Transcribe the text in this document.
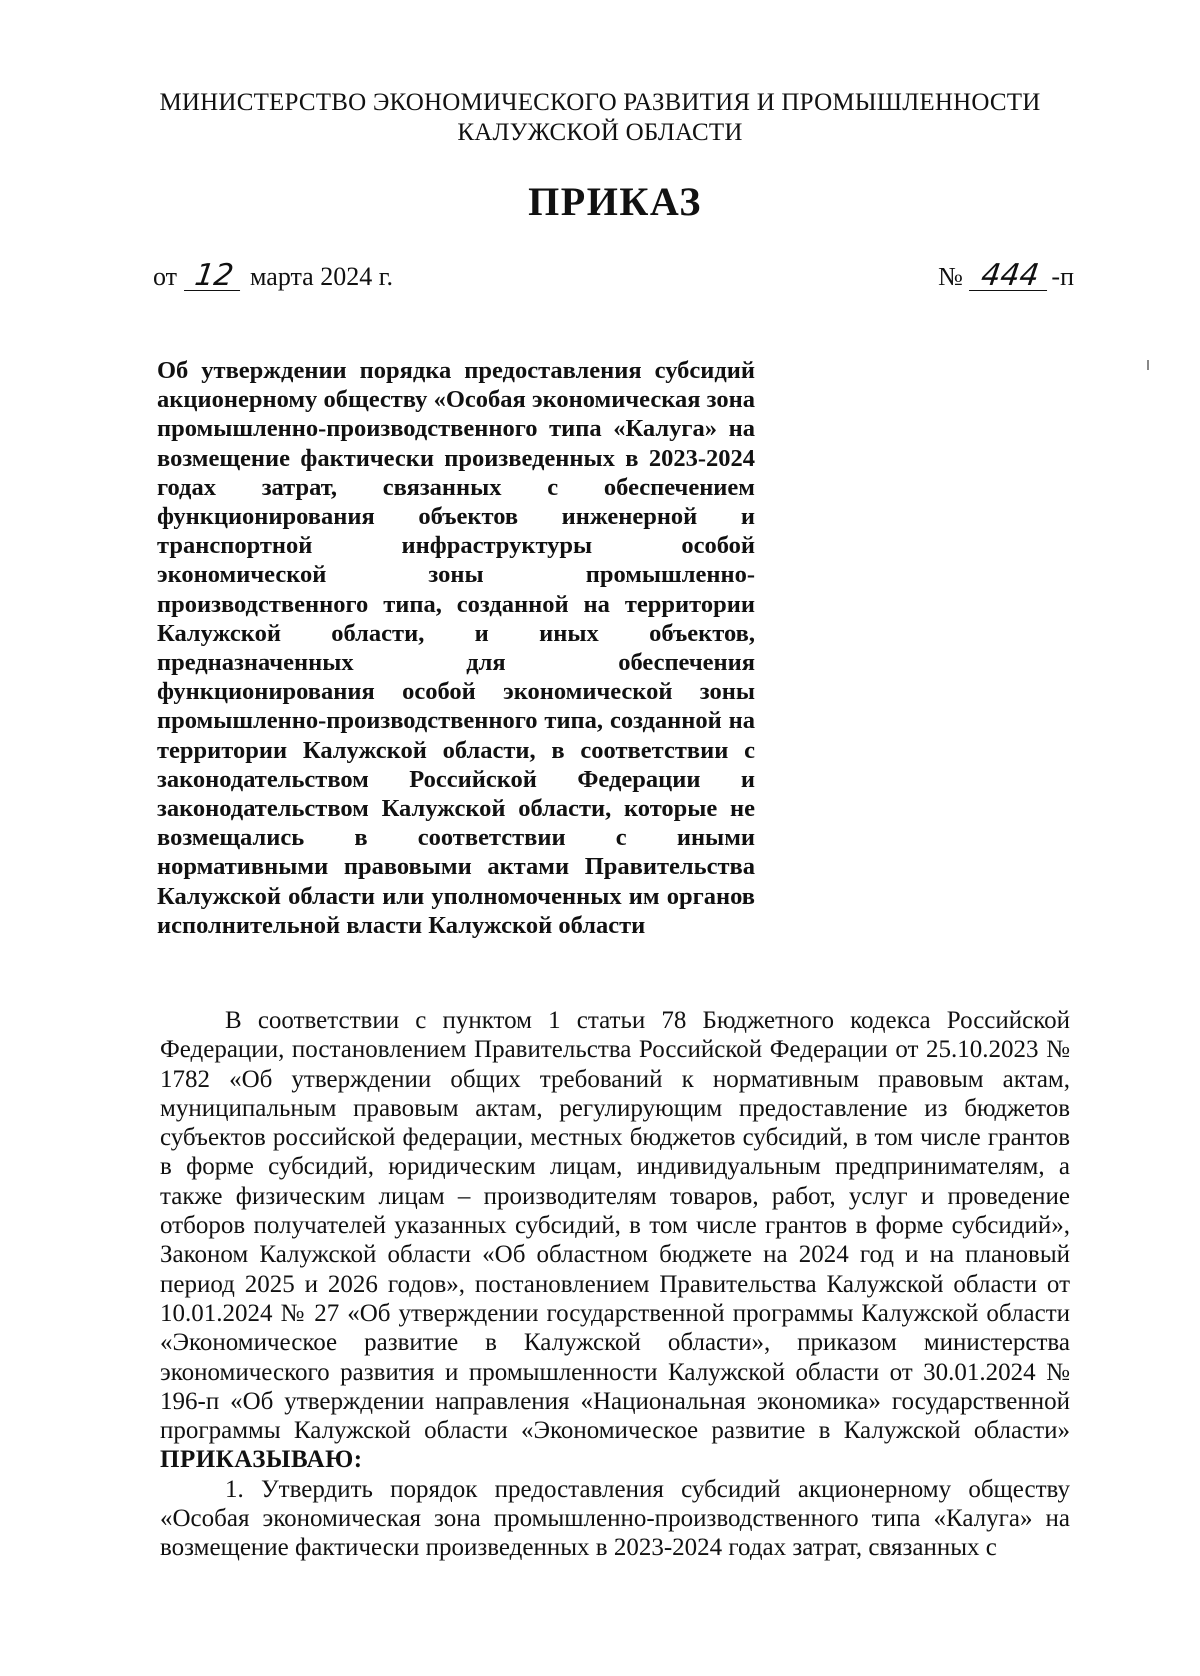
МИНИСТЕРСТВО ЭКОНОМИЧЕСКОГО РАЗВИТИЯ И ПРОМЫШЛЕННОСТИ
КАЛУЖСКОЙ ОБЛАСТИ
ПРИКАЗ
от 12 марта 2024 г.	№ 444 -п
Об утверждении порядка предоставления субсидий акционерному обществу «Особая экономическая зона промышленно-производственного типа «Калуга» на возмещение фактически произведенных в 2023-2024 годах затрат, связанных с обеспечением функционирования объектов инженерной и транспортной инфраструктуры особой экономической зоны промышленно-производственного типа, созданной на территории Калужской области, и иных объектов, предназначенных для обеспечения функционирования особой экономической зоны промышленно-производственного типа, созданной на территории Калужской области, в соответствии с законодательством Российской Федерации и законодательством Калужской области, которые не возмещались в соответствии с иными нормативными правовыми актами Правительства Калужской области или уполномоченных им органов исполнительной власти Калужской области

В соответствии с пунктом 1 статьи 78 Бюджетного кодекса Российской Федерации, постановлением Правительства Российской Федерации от 25.10.2023 № 1782 «Об утверждении общих требований к нормативным правовым актам, муниципальным правовым актам, регулирующим предоставление из бюджетов субъектов российской федерации, местных бюджетов субсидий, в том числе грантов в форме субсидий, юридическим лицам, индивидуальным предпринимателям, а также физическим лицам – производителям товаров, работ, услуг и проведение отборов получателей указанных субсидий, в том числе грантов в форме субсидий», Законом Калужской области «Об областном бюджете на 2024 год и на плановый период 2025 и 2026 годов», постановлением Правительства Калужской области от 10.01.2024 № 27 «Об утверждении государственной программы Калужской области «Экономическое развитие в Калужской области», приказом министерства экономического развития и промышленности Калужской области от 30.01.2024 № 196-п «Об утверждении направления «Национальная экономика» государственной программы Калужской области «Экономическое развитие в Калужской области» ПРИКАЗЫВАЮ:

1. Утвердить порядок предоставления субсидий акционерному обществу «Особая экономическая зона промышленно-производственного типа «Калуга» на возмещение фактически произведенных в 2023-2024 годах затрат, связанных с
